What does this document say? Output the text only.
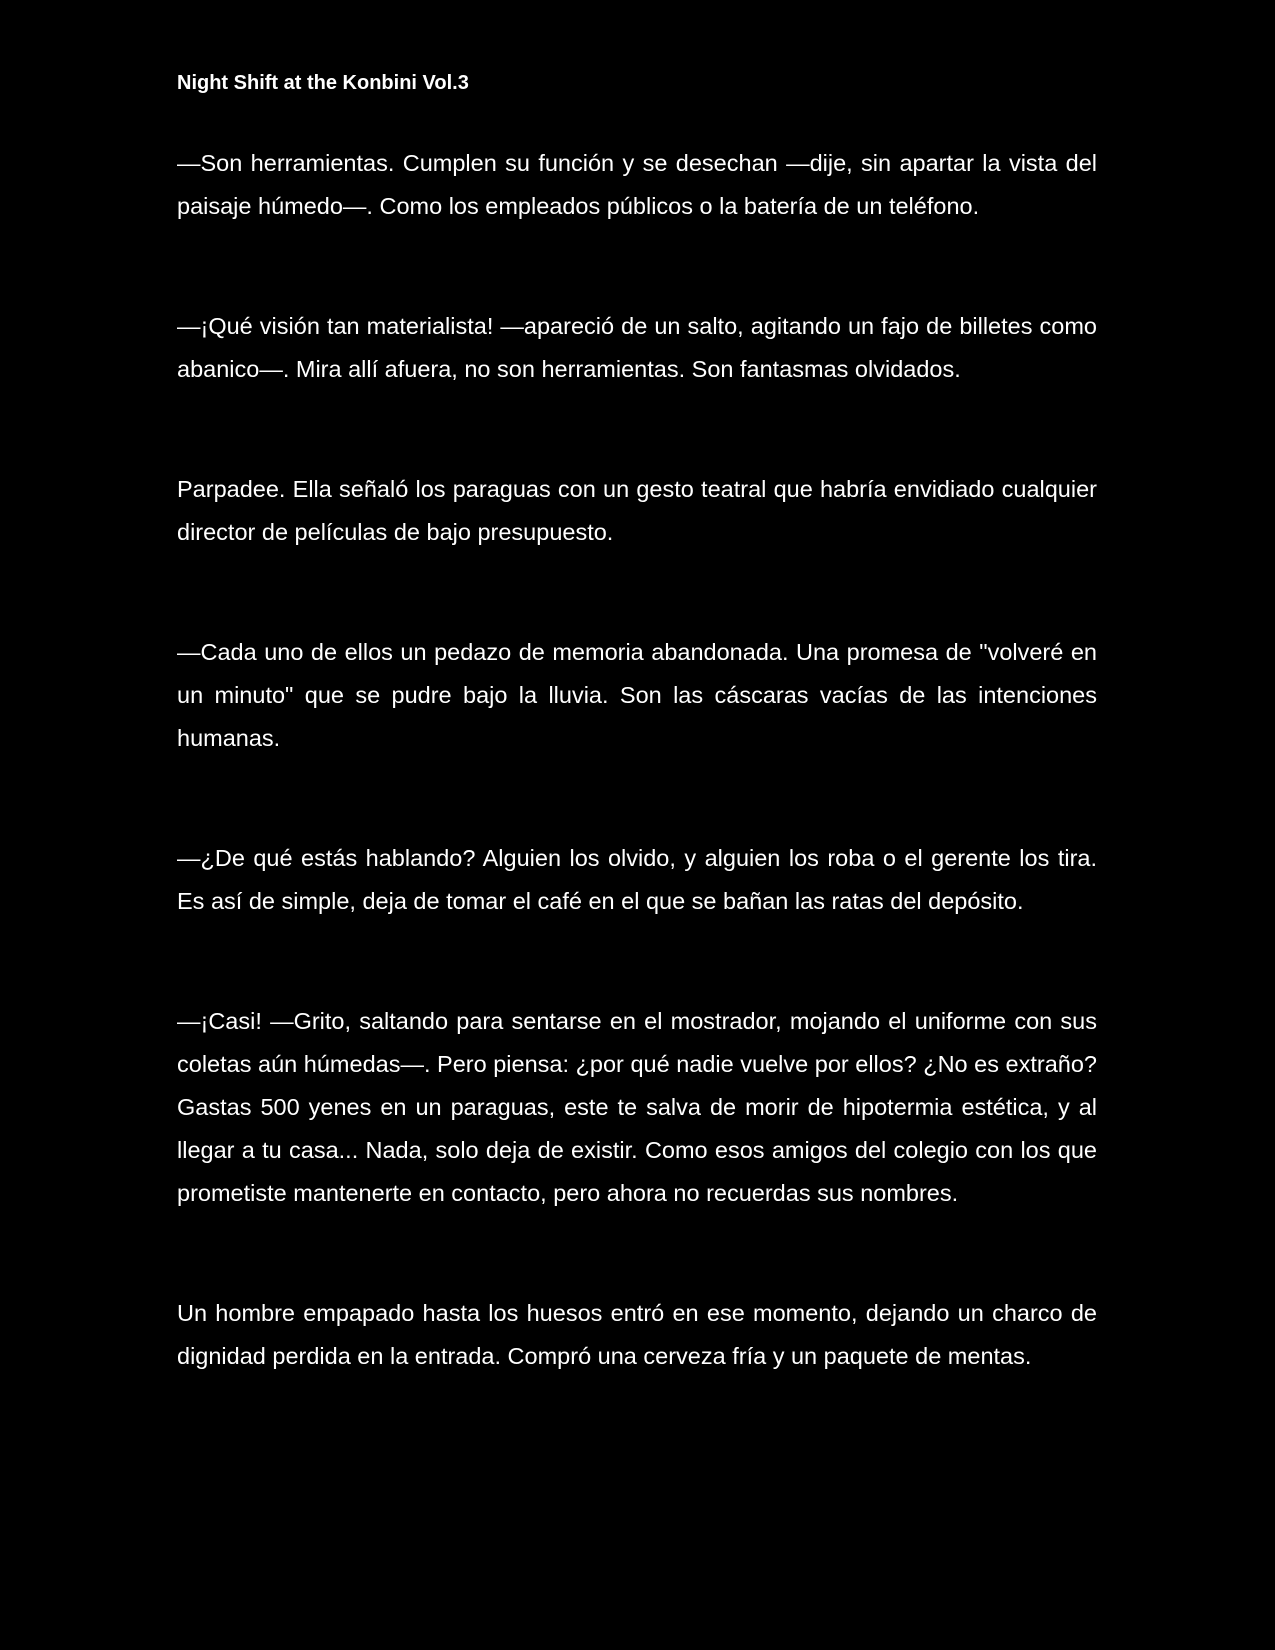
Night Shift at the Konbini Vol.3

—Son herramientas. Cumplen su función y se desechan —dije, sin apartar la vista del paisaje húmedo—. Como los empleados públicos o la batería de un teléfono.

—¡Qué visión tan materialista! —apareció de un salto, agitando un fajo de billetes como abanico—. Mira allí afuera, no son herramientas. Son fantasmas olvidados.

Parpadee. Ella señaló los paraguas con un gesto teatral que habría envidiado cualquier director de películas de bajo presupuesto.

—Cada uno de ellos un pedazo de memoria abandonada. Una promesa de "volveré en un minuto" que se pudre bajo la lluvia. Son las cáscaras vacías de las intenciones humanas.

—¿De qué estás hablando? Alguien los olvido, y alguien los roba o el gerente los tira. Es así de simple, deja de tomar el café en el que se bañan las ratas del depósito.

—¡Casi! —Grito, saltando para sentarse en el mostrador, mojando el uniforme con sus coletas aún húmedas—. Pero piensa: ¿por qué nadie vuelve por ellos? ¿No es extraño? Gastas 500 yenes en un paraguas, este te salva de morir de hipotermia estética, y al llegar a tu casa... Nada, solo deja de existir. Como esos amigos del colegio con los que prometiste mantenerte en contacto, pero ahora no recuerdas sus nombres.

Un hombre empapado hasta los huesos entró en ese momento, dejando un charco de dignidad perdida en la entrada. Compró una cerveza fría y un paquete de mentas.
